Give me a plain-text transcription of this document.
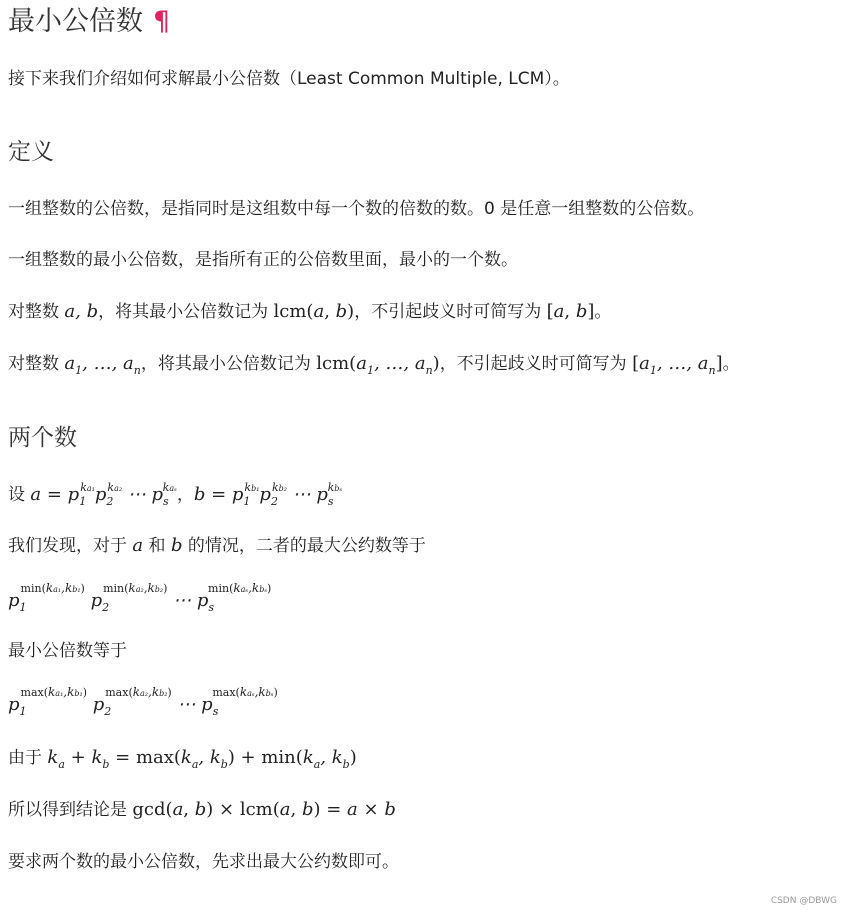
最小公倍数 ¶
接下来我们介绍如何求解最小公倍数（Least Common Multiple, LCM）。
定义
一组整数的公倍数，是指同时是这组数中每一个数的倍数的数。0 是任意一组整数的公倍数。
一组整数的最小公倍数，是指所有正的公倍数里面，最小的一个数。
对整数 a, b，将其最小公倍数记为 lcm(a, b)，不引起歧义时可简写为 [a, b]。
对整数 $a_1$, …, $a_n$，将其最小公倍数记为 $lcm(a_1$, …, $a_n$)，不引起歧义时可简写为 [$a_1$, …, $a_n$]。
两个数
设 $a = p_1^{ka_1}p_2^{ka_2}$ ⋯ $p_s^{ka_s}$，$b = p_1^{kb_1}p_2^{kb_2}$ ⋯ $p_s^{kb_s}$
我们发现，对于 a 和 b 的情况，二者的最大公约数等于
$p_1^{min(ka_1,kb_1)}$ $p_2^{min(ka_2,kb_2)}$ ⋯ $p_s^{min(ka_s,kb_s)}$
最小公倍数等于
$p_1^{max(ka_1,kb_1)}$ $p_2^{max(ka_2,kb_2)}$ ⋯ $p_s^{max(ka_s,kb_s)}$
由于 $k_a + k_b = \max(k_a$, $k_b) + \min(k_a$, $k_b$)
所以得到结论是 gcd(a, b) × lcm(a, b) = a × b
要求两个数的最小公倍数，先求出最大公约数即可。
CSDN @DBWG
